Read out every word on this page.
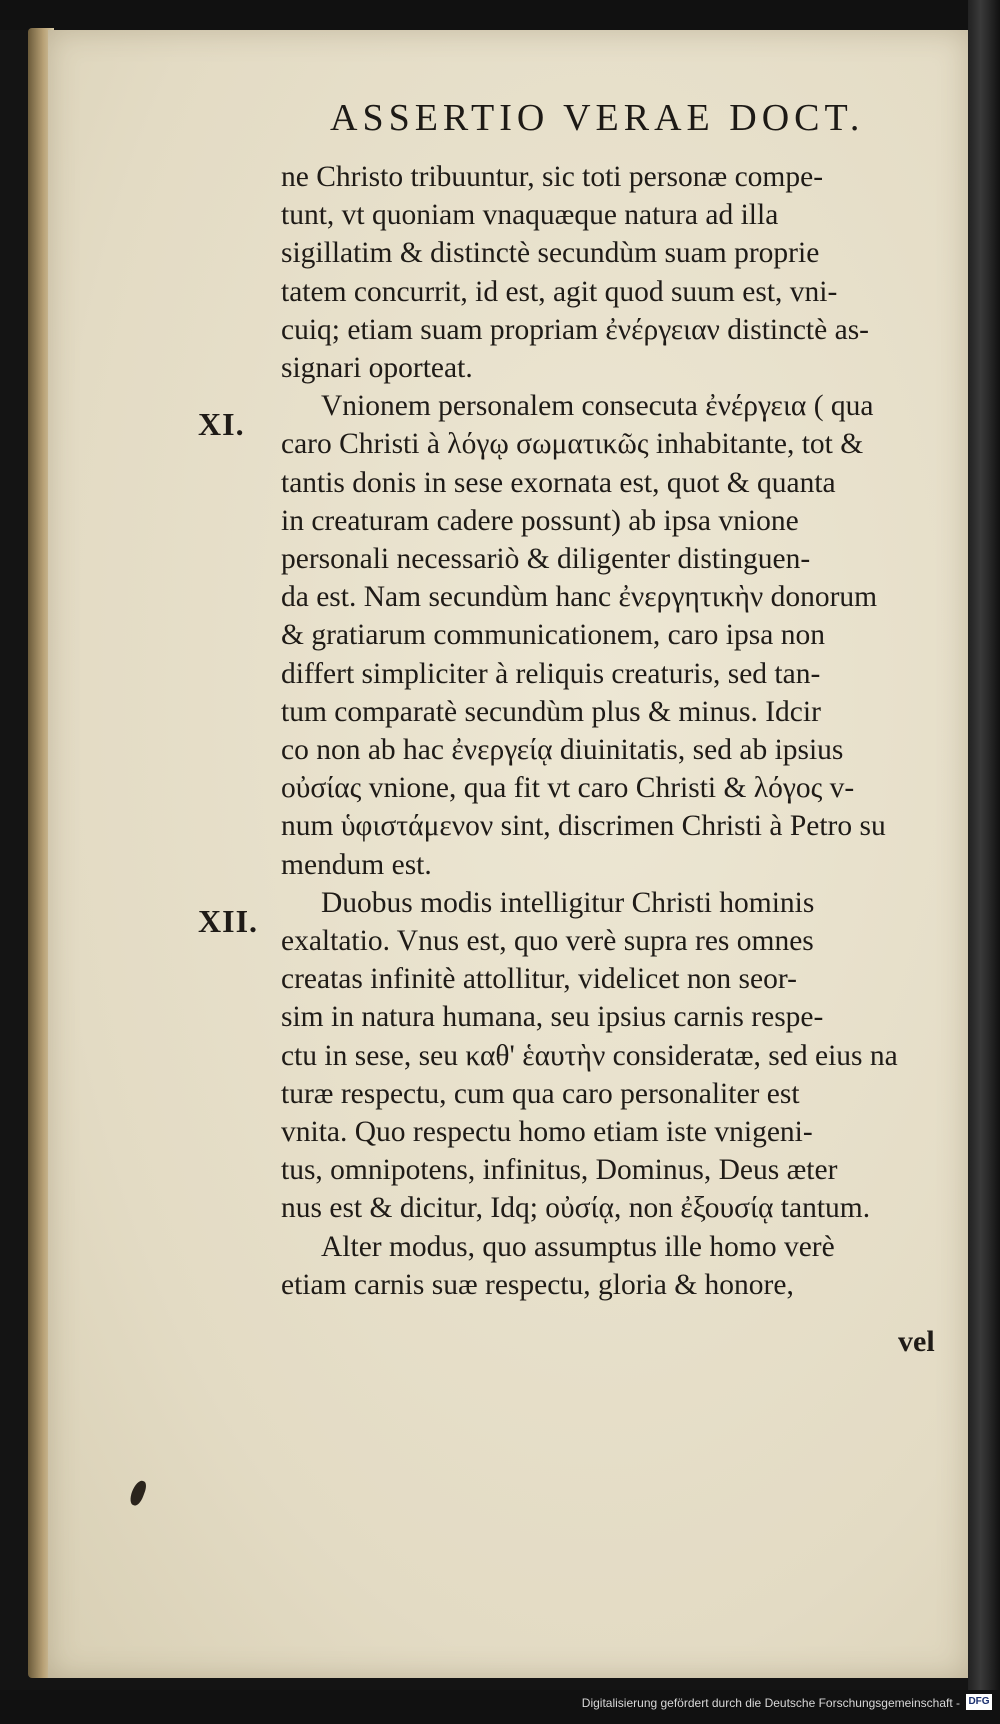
ASSERTIO VERAE DOCT.
ne Christo tribuuntur, sic toti personæ compe-
tunt, vt quoniam vnaquæque natura ad illa
sigillatim & distinctè secundùm suam proprie
tatem concurrit, id est, agit quod suum est, vni-
cuiq; etiam suam propriam ἐνέργειαν distinctè as-
signari oporteat.
Vnionem personalem consecuta ἐνέργεια ( qua
caro Christi à λόγῳ σωματικῶς inhabitante, tot &
tantis donis in sese exornata est, quot & quanta
in creaturam cadere possunt) ab ipsa vnione
personali necessariò & diligenter distinguen-
da est. Nam secundùm hanc ἐνεργητικὴν donorum
& gratiarum communicationem, caro ipsa non
differt simpliciter à reliquis creaturis, sed tan-
tum comparatè secundùm plus & minus. Idcir
co non ab hac ἐνεργείᾳ diuinitatis, sed ab ipsius
οὐσίας vnione, qua fit vt caro Christi & λόγος v-
num ὑφιστάμενον sint, discrimen Christi à Petro su
mendum est.
Duobus modis intelligitur Christi hominis
exaltatio. Vnus est, quo verè supra res omnes
creatas infinitè attollitur, videlicet non seor-
sim in natura humana, seu ipsius carnis respe-
ctu in sese, seu καθ' ἑαυτὴν consideratæ, sed eius na
turæ respectu, cum qua caro personaliter est
vnita. Quo respectu homo etiam iste vnigeni-
tus, omnipotens, infinitus, Dominus, Deus æter
nus est & dicitur, Idq; οὐσίᾳ, non ἐξουσίᾳ tantum.
Alter modus, quo assumptus ille homo verè
etiam carnis suæ respectu, gloria & honore,
XI.
XII.
vel
Digitalisierung gefördert durch die Deutsche Forschungsgemeinschaft - DFG
